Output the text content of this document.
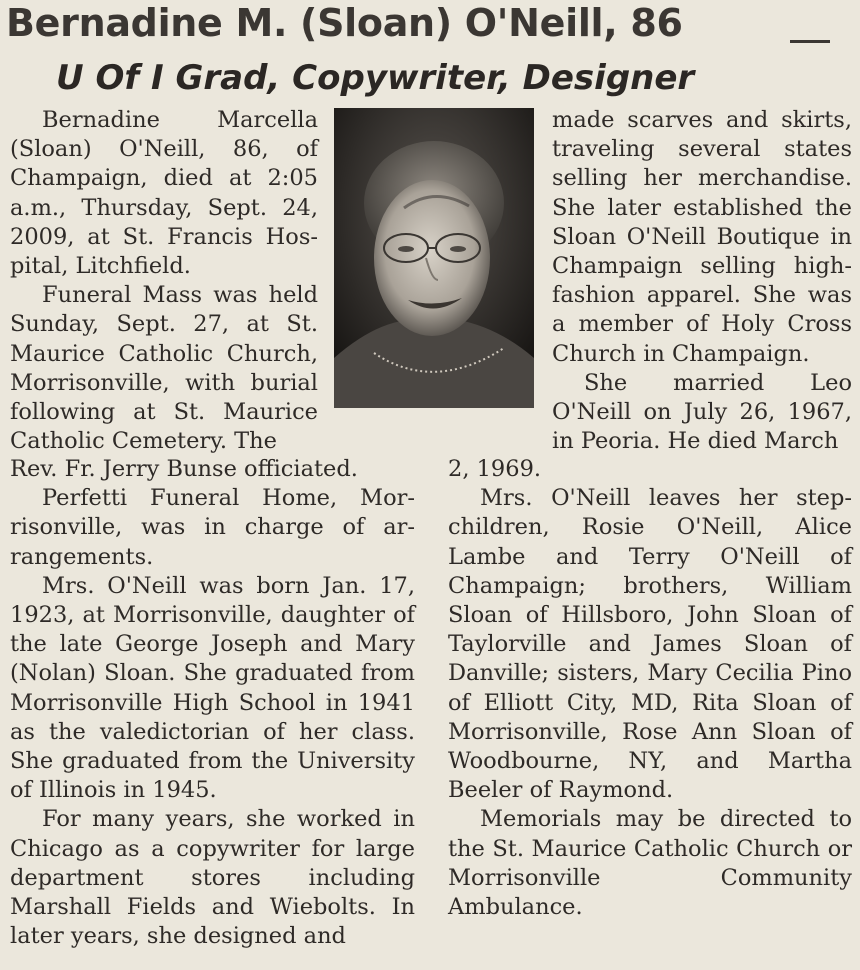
Bernadine M. (Sloan) O'Neill, 86
U Of I Grad, Copywriter, Designer

Bernadine Marcella (Sloan) O'Neill, 86, of Champaign, died at 2:05 a.m., Thursday, Sept. 24, 2009, at St. Francis Hospital, Litchfield.

Funeral Mass was held Sunday, Sept. 27, at St. Maurice Catholic Church, Morrisonville, with burial following at St. Maurice Catholic Cemetery. The

Rev. Fr. Jerry Bunse officiated.

Perfetti Funeral Home, Morrisonville, was in charge of arrangements.

Mrs. O'Neill was born Jan. 17, 1923, at Morrisonville, daughter of the late George Joseph and Mary (Nolan) Sloan. She graduated from Morrisonville High School in 1941 as the valedictorian of her class. She graduated from the University of Illinois in 1945.

For many years, she worked in Chicago as a copywriter for large department stores including Marshall Fields and Wiebolts. In later years, she designed and

made scarves and skirts, traveling several states selling her merchandise. She later established the Sloan O'Neill Boutique in Champaign selling high-fashion apparel. She was a member of Holy Cross Church in Champaign.

She married Leo O'Neill on July 26, 1967, in Peoria. He died March

2, 1969.

Mrs. O'Neill leaves her stepchildren, Rosie O'Neill, Alice Lambe and Terry O'Neill of Champaign; brothers, William Sloan of Hillsboro, John Sloan of Taylorville and James Sloan of Danville; sisters, Mary Cecilia Pino of Elliott City, MD, Rita Sloan of Morrisonville, Rose Ann Sloan of Woodbourne, NY, and Martha Beeler of Raymond.

Memorials may be directed to the St. Maurice Catholic Church or Morrisonville Community Ambulance.
